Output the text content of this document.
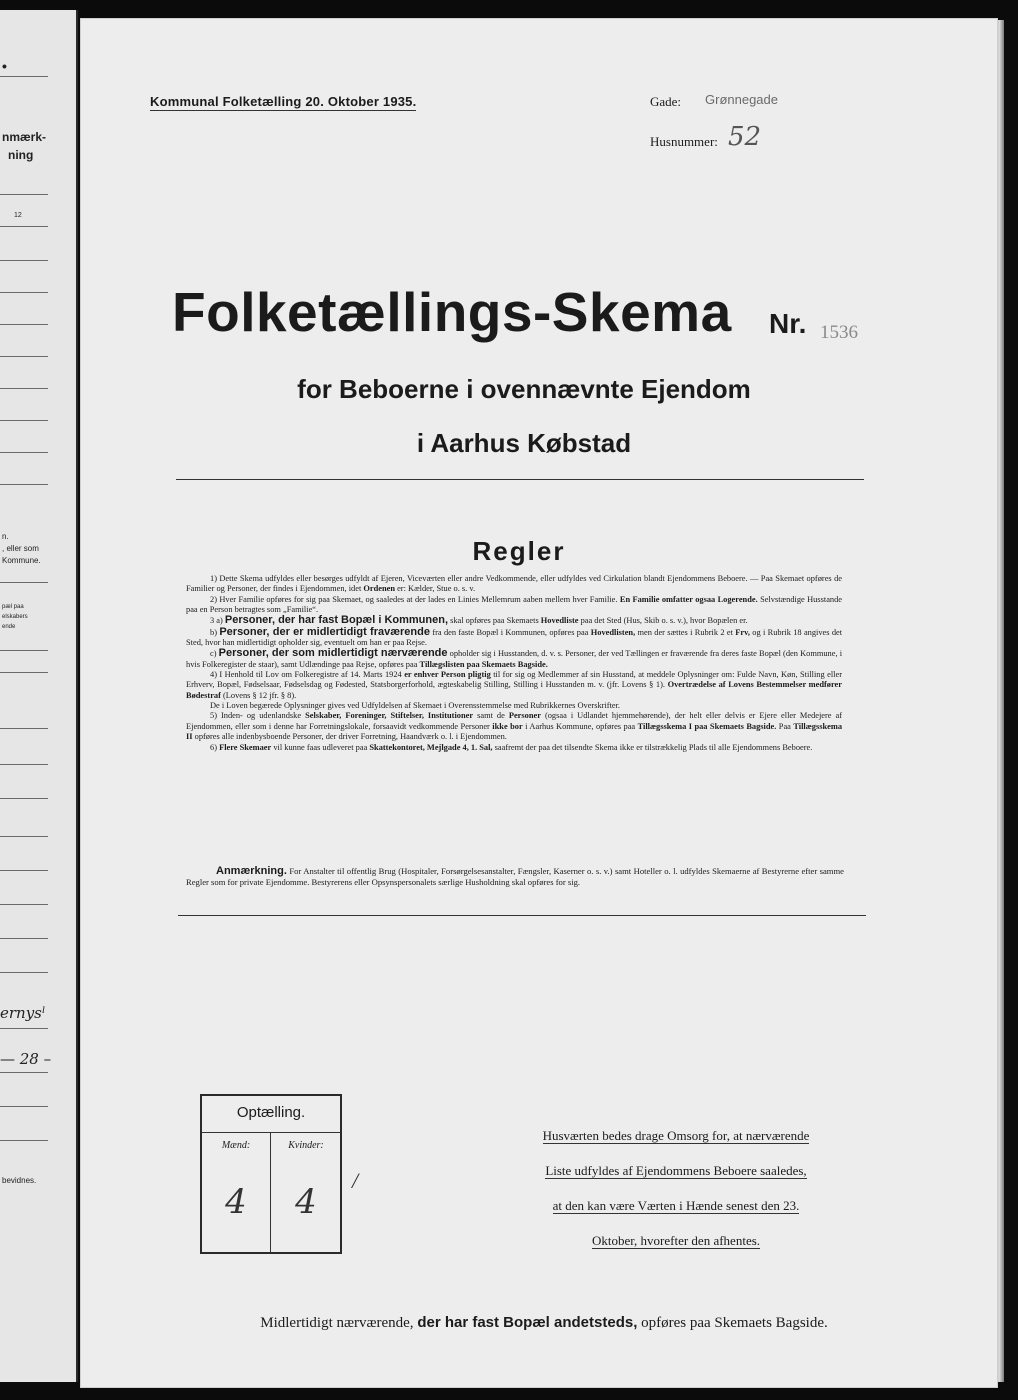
•
nmærk-
ning
12
n.
, eller som
Kommune.
pæl paa
elskabers
ende
ernysˡ
— 28 –
bevidnes.
Kommunal Folketælling 20. Oktober 1935.	Gade: Grønnegade
Husnummer: 52
Folketællings-Skema Nr. 1536
for Beboerne i ovennævnte Ejendom
i Aarhus Købstad
Regler

1) Dette Skema udfyldes eller besørges udfyldt af Ejeren, Viceværten eller andre Vedkommende, eller udfyldes ved Cirkulation blandt Ejendommens Beboere. — Paa Skemaet opføres de Familier og Personer, der findes i Ejendommen, idet Ordenen er: Kælder, Stue o. s. v.

2) Hver Familie opføres for sig paa Skemaet, og saaledes at der lades en Linies Mellemrum aaben mellem hver Familie. En Familie omfatter ogsaa Logerende. Selvstændige Husstande paa en Person betragtes som „Familie“.

3 a) Personer, der har fast Bopæl i Kommunen, skal opføres paa Skemaets Hovedliste paa det Sted (Hus, Skib o. s. v.), hvor Bopælen er.

b) Personer, der er midlertidigt fraværende fra den faste Bopæl i Kommunen, opføres paa Hovedlisten, men der sættes i Rubrik 2 et Frv, og i Rubrik 18 angives det Sted, hvor han midlertidigt opholder sig, eventuelt om han er paa Rejse.

c) Personer, der som midlertidigt nærværende opholder sig i Husstanden, d. v. s. Personer, der ved Tællingen er fraværende fra deres faste Bopæl (den Kommune, i hvis Folkeregister de staar), samt Udlændinge paa Rejse, opføres paa Tillægslisten paa Skemaets Bagside.

4) I Henhold til Lov om Folkeregistre af 14. Marts 1924 er enhver Person pligtig til for sig og Medlemmer af sin Husstand, at meddele Oplysninger om: Fulde Navn, Køn, Stilling eller Erhverv, Bopæl, Fødselsaar, Fødselsdag og Fødested, Statsborgerforhold, ægteskabelig Stilling, Stilling i Husstanden m. v. (jfr. Lovens § 1). Overtrædelse af Lovens Bestemmelser medfører Bødestraf (Lovens § 12 jfr. § 8).

De i Loven begærede Oplysninger gives ved Udfyldelsen af Skemaet i Overensstemmelse med Rubrikkernes Overskrifter.

5) Inden- og udenlandske Selskaber, Foreninger, Stiftelser, Institutioner samt de Personer (ogsaa i Udlandet hjemmehørende), der helt eller delvis er Ejere eller Medejere af Ejendommen, eller som i denne har Forretningslokale, forsaavidt vedkommende Personer ikke bor i Aarhus Kommune, opføres paa Tillægsskema I paa Skemaets Bagside. Paa Tillægsskema II opføres alle indenbysboende Personer, der driver Forretning, Haandværk o. l. i Ejendommen.

6) Flere Skemaer vil kunne faas udleveret paa Skattekontoret, Mejlgade 4, 1. Sal, saafremt der paa det tilsendte Skema ikke er tilstrækkelig Plads til alle Ejendommens Beboere.

Anmærkning. For Anstalter til offentlig Brug (Hospitaler, Forsørgelsesanstalter, Fængsler, Kaserner o. s. v.) samt Hoteller o. l. udfyldes Skemaerne af Bestyrerne efter samme Regler som for private Ejendomme. Bestyrerens eller Opsynspersonalets særlige Husholdning skal opføres for sig.
Optælling.
Mænd:	Kvinder:
4	4
/
Husværten bedes drage Omsorg for, at nærværende
Liste udfyldes af Ejendommens Beboere saaledes,
at den kan være Værten i Hænde senest den 23.
Oktober, hvorefter den afhentes.
Midlertidigt nærværende, der har fast Bopæl andetsteds, opføres paa Skemaets Bagside.
